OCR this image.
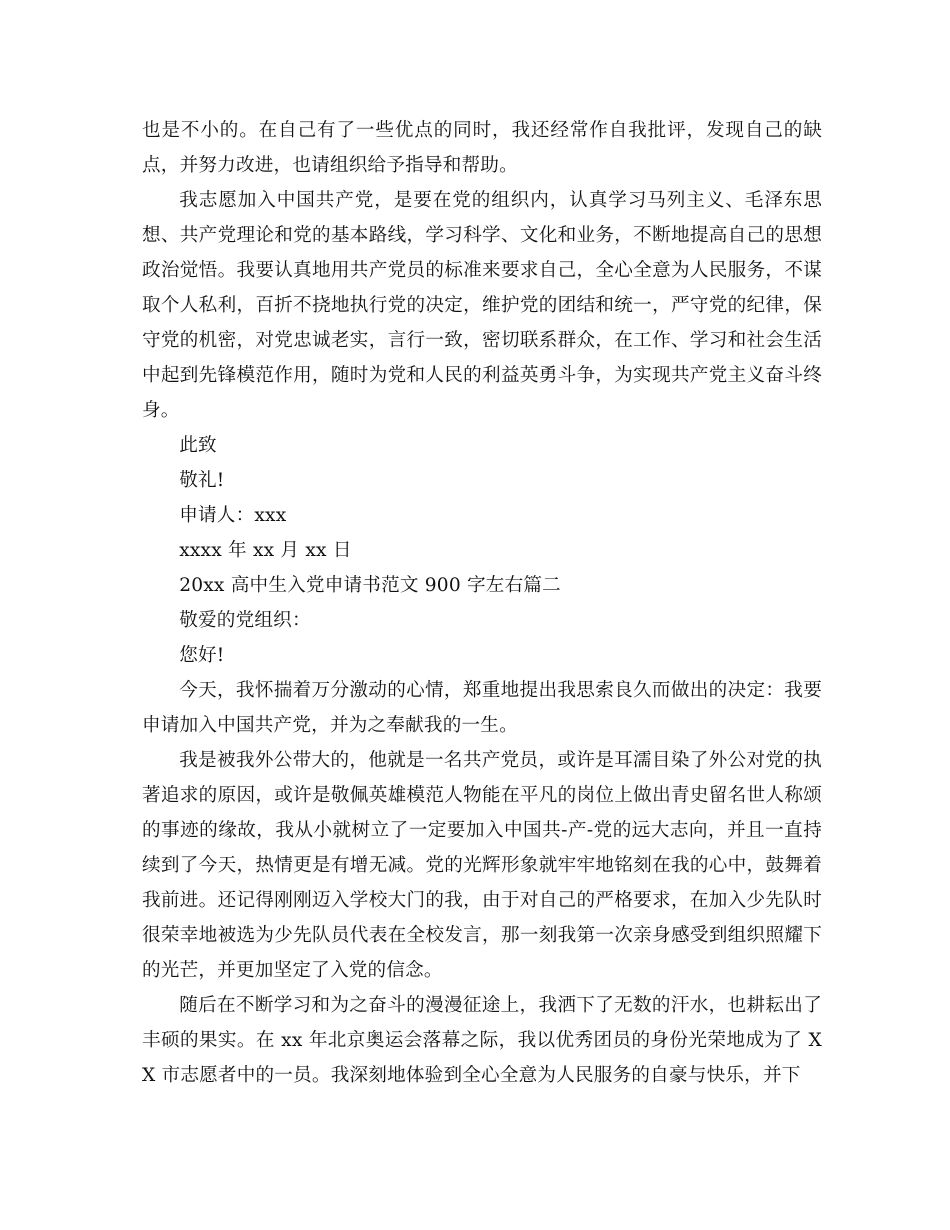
也是不小的。在自己有了一些优点的同时，我还经常作自我批评，发现自己的缺点，并努力改进，也请组织给予指导和帮助。

我志愿加入中国共产党，是要在党的组织内，认真学习马列主义、毛泽东思想、共产党理论和党的基本路线，学习科学、文化和业务，不断地提高自己的思想政治觉悟。我要认真地用共产党员的标准来要求自己，全心全意为人民服务，不谋取个人私利，百折不挠地执行党的决定，维护党的团结和统一，严守党的纪律，保守党的机密，对党忠诚老实，言行一致，密切联系群众，在工作、学习和社会生活中起到先锋模范作用，随时为党和人民的利益英勇斗争，为实现共产党主义奋斗终身。

此致

敬礼!

申请人：xxx

xxxx 年 xx 月 xx 日

20xx 高中生入党申请书范文 900 字左右篇二

敬爱的党组织：

您好!

今天，我怀揣着万分激动的心情，郑重地提出我思索良久而做出的决定：我要申请加入中国共产党，并为之奉献我的一生。

我是被我外公带大的，他就是一名共产党员，或许是耳濡目染了外公对党的执著追求的原因，或许是敬佩英雄模范人物能在平凡的岗位上做出青史留名世人称颂的事迹的缘故，我从小就树立了一定要加入中国共-产-党的远大志向，并且一直持续到了今天，热情更是有增无减。党的光辉形象就牢牢地铭刻在我的心中，鼓舞着我前进。还记得刚刚迈入学校大门的我，由于对自己的严格要求，在加入少先队时很荣幸地被选为少先队员代表在全校发言，那一刻我第一次亲身感受到组织照耀下的光芒，并更加坚定了入党的信念。

随后在不断学习和为之奋斗的漫漫征途上，我洒下了无数的汗水，也耕耘出了丰硕的果实。在 xx 年北京奥运会落幕之际，我以优秀团员的身份光荣地成为了 XX 市志愿者中的一员。我深刻地体验到全心全意为人民服务的自豪与快乐，并下
